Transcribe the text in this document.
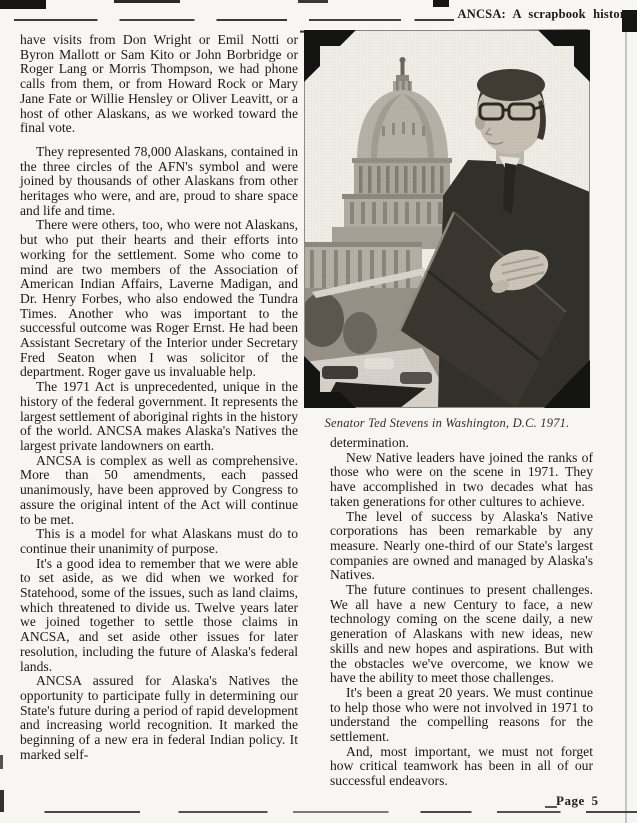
ANCSA: A scrapbook history

have visits from Don Wright or Emil Notti or Byron Mallott or Sam Kito or John Borbridge or Roger Lang or Morris Thompson, we had phone calls from them, or from Howard Rock or Mary Jane Fate or Willie Hensley or Oliver Leavitt, or a host of other Alaskans, as we worked toward the final vote.

They represented 78,000 Alaskans, contained in the three circles of the AFN's symbol and were joined by thousands of other Alaskans from other heritages who were, and are, proud to share space and life and time.

There were others, too, who were not Alaskans, but who put their hearts and their efforts into working for the settlement. Some who come to mind are two members of the Association of American Indian Affairs, Laverne Madigan, and Dr. Henry Forbes, who also endowed the Tundra Times. Another who was important to the successful outcome was Roger Ernst. He had been Assistant Secretary of the Interior under Secretary Fred Seaton when I was solicitor of the department. Roger gave us invaluable help.

The 1971 Act is unprecedented, unique in the history of the federal government. It represents the largest settlement of aboriginal rights in the history of the world. ANCSA makes Alaska's Natives the largest private landowners on earth.

ANCSA is complex as well as comprehensive. More than 50 amendments, each passed unanimously, have been approved by Congress to assure the original intent of the Act will continue to be met.

This is a model for what Alaskans must do to continue their unanimity of purpose.

It's a good idea to remember that we were able to set aside, as we did when we worked for Statehood, some of the issues, such as land claims, which threatened to divide us. Twelve years later we joined together to settle those claims in ANCSA, and set aside other issues for later resolution, including the future of Alaska's federal lands.

ANCSA assured for Alaska's Natives the opportunity to participate fully in determining our State's future during a period of rapid development and increasing world recognition. It marked the beginning of a new era in federal Indian policy. It marked self-

Senator Ted Stevens in Washington, D.C. 1971.

determination.

New Native leaders have joined the ranks of those who were on the scene in 1971. They have accomplished in two decades what has taken generations for other cultures to achieve.

The level of success by Alaska's Native corporations has been remarkable by any measure. Nearly one-third of our State's largest companies are owned and managed by Alaska's Natives.

The future continues to present challenges. We all have a new Century to face, a new technology coming on the scene daily, a new generation of Alaskans with new ideas, new skills and new hopes and aspirations. But with the obstacles we've overcome, we know we have the ability to meet those challenges.

It's been a great 20 years. We must continue to help those who were not involved in 1971 to understand the compelling reasons for the settlement.

And, most important, we must not forget how critical teamwork has been in all of our successful endeavors.

Page 5
